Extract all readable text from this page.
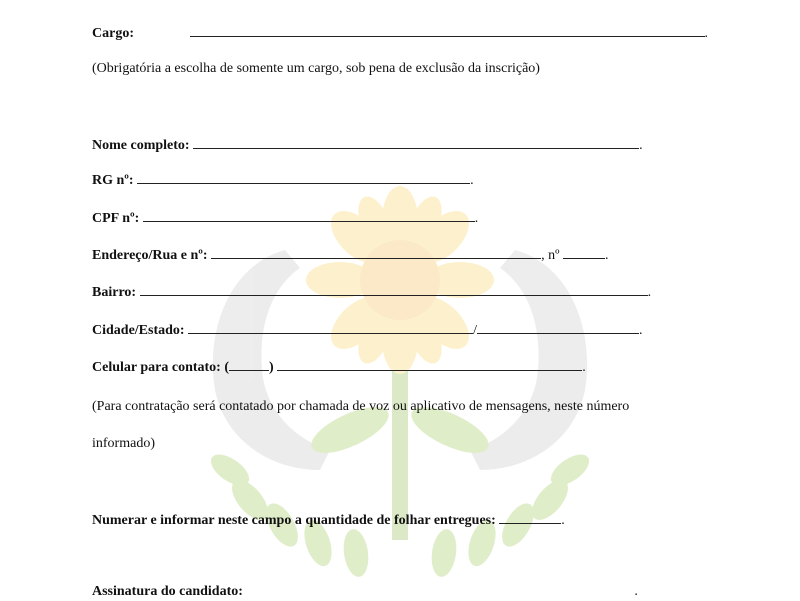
Cargo:	.
(Obrigatória a escolha de somente um cargo, sob pena de exclusão da inscrição)
Nome completo:	.
RG nº:	.
CPF nº:	.
Endereço/Rua e nº:	, nº	.
Bairro:	.
Cidade/Estado:	/	.
Celular para contato: (	)	.
(Para contratação será contatado por chamada de voz ou aplicativo de mensagens, neste número
informado)
Numerar e informar neste campo a quantidade de folhar entregues:	.
Assinatura do candidato:	.
